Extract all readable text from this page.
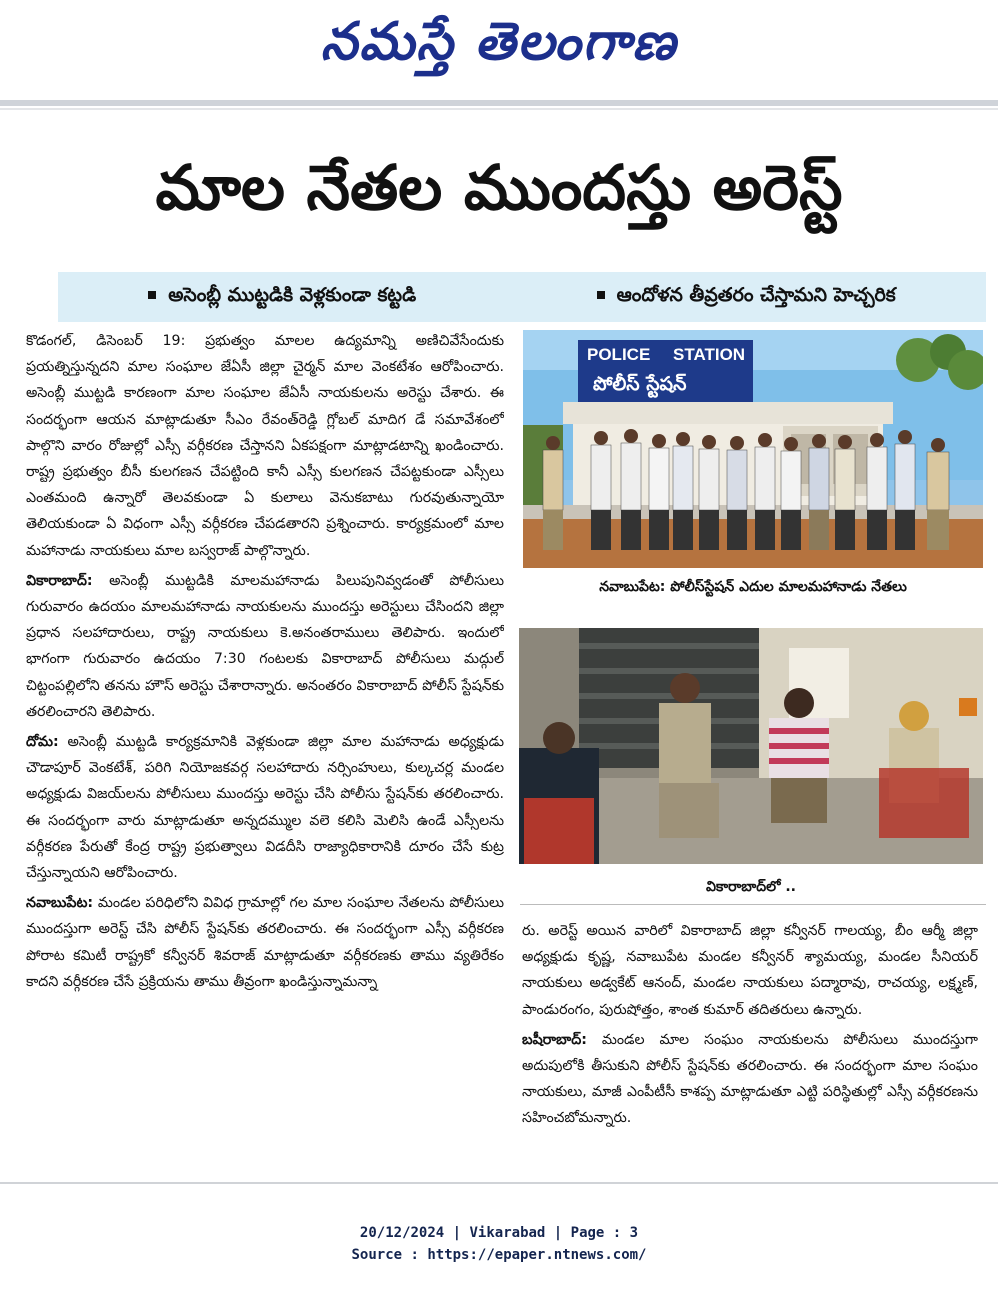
నమస్తే తెలంగాణ
మాల నేతల ముందస్తు అరెస్ట్
అసెంబ్లీ ముట్టడికి వెళ్లకుండా కట్టడి	ఆందోళన తీవ్రతరం చేస్తామని హెచ్చరిక

కొడంగల్, డిసెంబర్ 19: ప్రభుత్వం మాలల ఉద్యమాన్ని అణిచివేసేందుకు ప్రయత్నిస్తున్నదని మాల సంఘాల జేఏసీ జిల్లా చైర్మన్ మాల వెంకటేశం ఆరోపించారు. అసెంబ్లీ ముట్టడి కారణంగా మాల సంఘాల జేఏసీ నాయకులను అరెస్టు చేశారు. ఈ సందర్భంగా ఆయన మాట్లాడుతూ సీఎం రేవంత్‌రెడ్డి గ్లోబల్ మాదిగ డే సమావేశంలో పాల్గొని వారం రోజుల్లో ఎస్సీ వర్గీకరణ చేస్తానని ఏకపక్షంగా మాట్లాడటాన్ని ఖండించారు. రాష్ట్ర ప్రభుత్వం బీసీ కులగణన చేపట్టింది కానీ ఎస్సీ కులగణన చేపట్టకుండా ఎస్సీలు ఎంతమంది ఉన్నారో తెలవకుండా ఏ కులాలు వెనుకబాటు గురవుతున్నాయో తెలియకుండా ఏ విధంగా ఎస్సీ వర్గీకరణ చేపడతారని ప్రశ్నించారు. కార్యక్రమంలో మాల మహానాడు నాయకులు మాల బస్వరాజ్ పాల్గొన్నారు.

వికారాబాద్: అసెంబ్లీ ముట్టడికి మాలమహానాడు పిలుపునివ్వడంతో పోలీసులు గురువారం ఉదయం మాలమహానాడు నాయకులను ముందస్తు అరెస్టులు చేసిందని జిల్లా ప్రధాన సలహాదారులు, రాష్ట్ర నాయకులు కె.అనంతరాములు తెలిపారు. ఇందులో భాగంగా గురువారం ఉదయం 7:30 గంటలకు వికారాబాద్ పోలీసులు మద్గుల్ చిట్టంపల్లిలోని తనను హౌస్ అరెస్టు చేశారాన్నారు. అనంతరం వికారాబాద్ పోలీస్ స్టేషన్‌కు తరలించారని తెలిపారు.

దోమ: అసెంబ్లీ ముట్టడి కార్యక్రమానికి వెళ్లకుండా జిల్లా మాల మహానాడు అధ్యక్షుడు చౌడాపూర్ వెంకటేశ్, పరిగి నియోజకవర్గ సలహాదారు నర్సింహులు, కుల్కచర్ల మండల అధ్యక్షుడు విజయ్‌లను పోలీసులు ముందస్తు అరెస్టు చేసి పోలీసు స్టేషన్‌కు తరలించారు. ఈ సందర్భంగా వారు మాట్లాడుతూ అన్నదమ్ముల వలె కలిసి మెలిసి ఉండే ఎస్సీలను వర్గీకరణ పేరుతో కేంద్ర రాష్ట్ర ప్రభుత్వాలు విడదీసి రాజ్యాధికారానికి దూరం చేసే కుట్ర చేస్తున్నాయని ఆరోపించారు.

నవాబుపేట: మండల పరిధిలోని వివిధ గ్రామాల్లో గల మాల సంఘాల నేతలను పోలీసులు ముందస్తుగా అరెస్ట్ చేసి పోలీస్ స్టేషన్‌కు తరలించారు. ఈ సందర్భంగా ఎస్సీ వర్గీకరణ పోరాట కమిటీ రాష్ట్రకో కన్వీనర్ శివరాజ్ మాట్లాడుతూ వర్గీకరణకు తాము వ్యతిరేకం కాదని వర్గీకరణ చేసే ప్రక్రియను తాము తీవ్రంగా ఖండిస్తున్నామన్నా

POLICE STATION
పోలీస్ స్టేషన్
నవాబుపేట: పోలీస్‌స్టేషన్ ఎదుల మాలమహానాడు నేతలు
వికారాబాద్‌లో ..

రు. అరెస్ట్ అయిన వారిలో వికారాబాద్ జిల్లా కన్వీనర్ గాలయ్య, బీం ఆర్మీ జిల్లా అధ్యక్షుడు కృష్ణ, నవాబుపేట మండల కన్వీనర్ శ్యామయ్య, మండల సీనియర్ నాయకులు అడ్వకేట్ ఆనంద్, మండల నాయకులు పద్మారావు, రాచయ్య, లక్ష్మణ్, పాండురంగం, పురుషోత్తం, శాంత కుమార్ తదితరులు ఉన్నారు.

బషీరాబాద్: మండల మాల సంఘం నాయకులను పోలీసులు ముందస్తుగా అదుపులోకి తీసుకుని పోలీస్ స్టేషన్‌కు తరలించారు. ఈ సందర్భంగా మాల సంఘం నాయకులు, మాజీ ఎంపీటీసీ కాశప్ప మాట్లాడుతూ ఎట్టి పరిస్థితుల్లో ఎస్సీ వర్గీకరణను సహించబోమన్నారు.

20/12/2024 | Vikarabad | Page : 3
Source : https://epaper.ntnews.com/
